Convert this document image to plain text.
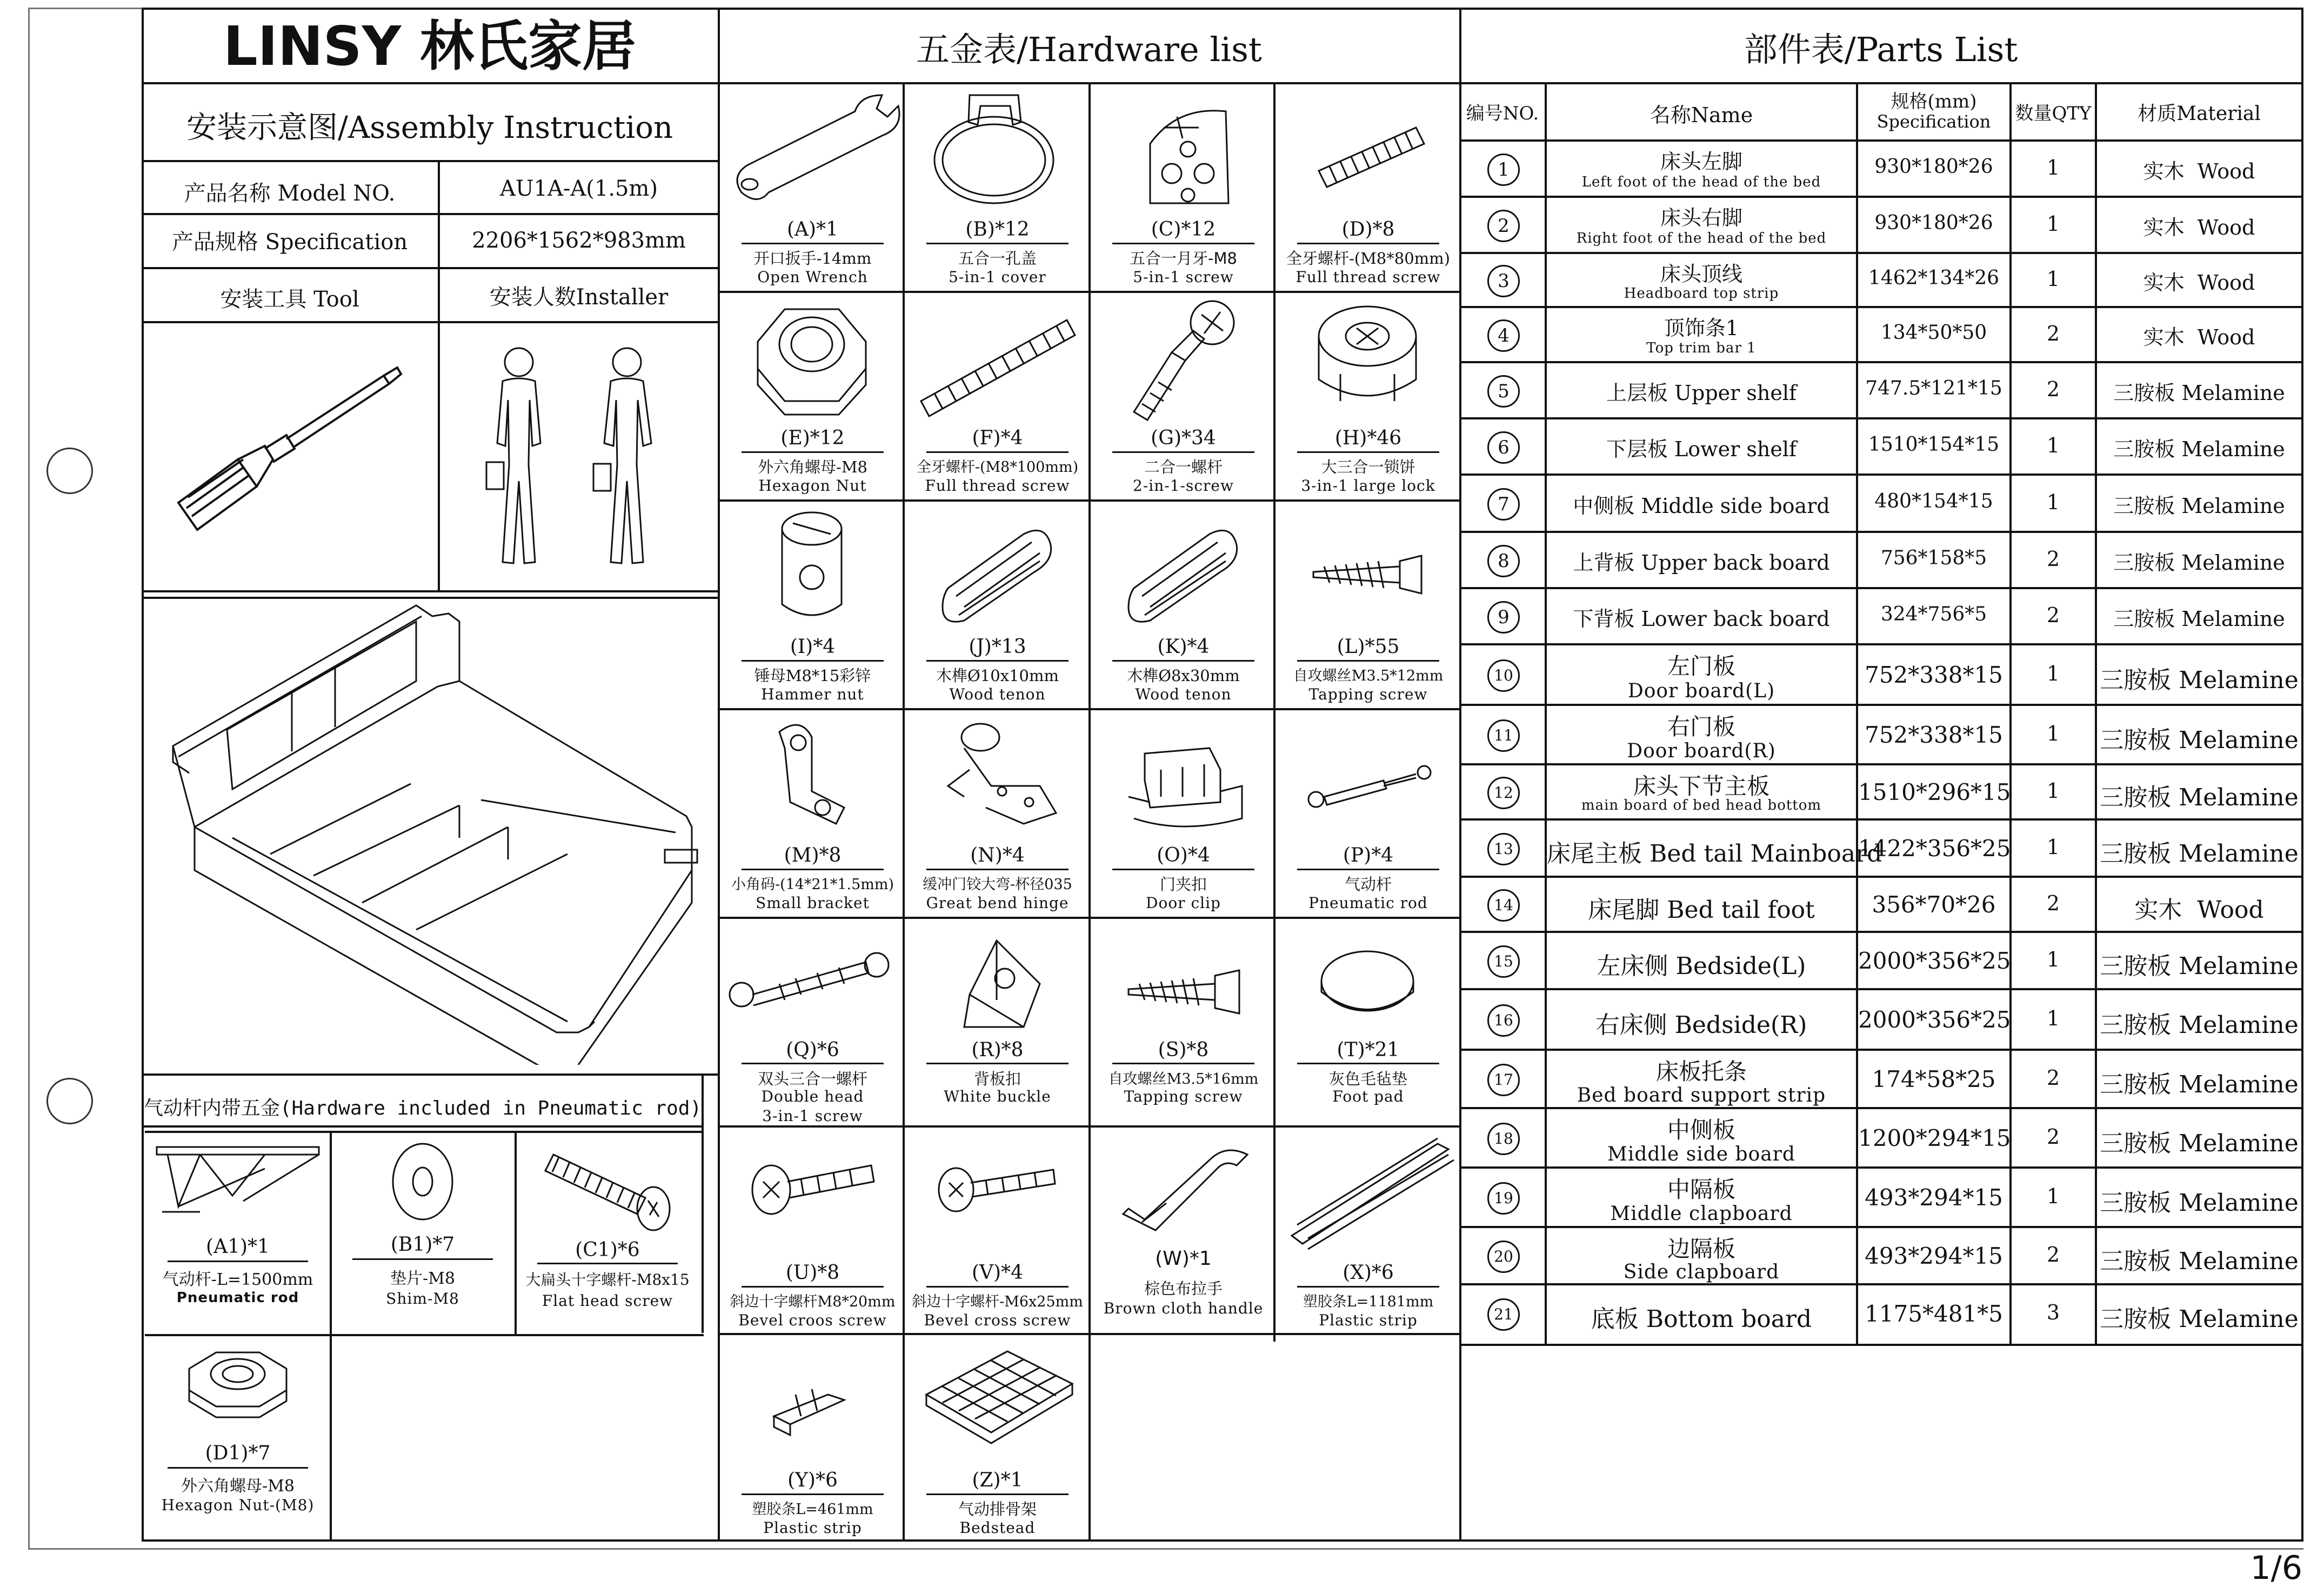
LINSY 林氏家居	五金表/Hardware list	部件表/Parts List
安装示意图/Assembly Instruction
产品名称 Model NO.	AU1A-A(1.5m)
产品规格 Specification	2206*1562*983mm
安装工具 Tool	安装人数Installer
气动杆内带五金(Hardware included in Pneumatic rod)
(A1)*1
气动杆-L=1500mm
Pneumatic rod
(B1)*7
垫片-M8
Shim-M8
(C1)*6
大扁头十字螺杆-M8x15
Flat head screw
(D1)*7
外六角螺母-M8
Hexagon Nut-(M8)
(A)*1
开口扳手-14mm
Open Wrench
(B)*12
五合一孔盖
5-in-1 cover
(C)*12
五合一月牙-M8
5-in-1 screw
(D)*8
全牙螺杆-(M8*80mm)
Full thread screw
(E)*12
外六角螺母-M8
Hexagon Nut
(F)*4
全牙螺杆-(M8*100mm)
Full thread screw
(G)*34
二合一螺杆
2-in-1-screw
(H)*46
大三合一锁饼
3-in-1 large lock
(I)*4
锤母M8*15彩锌
Hammer nut
(J)*13
木榫Ø10x10mm
Wood tenon
(K)*4
木榫Ø8x30mm
Wood tenon
(L)*55
自攻螺丝M3.5*12mm
Tapping screw
(M)*8
小角码-(14*21*1.5mm)
Small bracket
(N)*4
缓冲门铰大弯-杯径035
Great bend hinge
(O)*4
门夹扣
Door clip
(P)*4
气动杆
Pneumatic rod
(Q)*6
双头三合一螺杆
Double head
3-in-1 screw
(R)*8
背板扣
White buckle
(S)*8
自攻螺丝M3.5*16mm
Tapping screw
(T)*21
灰色毛毡垫
Foot pad
(U)*8
斜边十字螺杆M8*20mm
Bevel croos screw
(V)*4
斜边十字螺杆-M6x25mm
Bevel cross screw
(W)*1
棕色布拉手
Brown cloth handle
(X)*6
塑胶条L=1181mm
Plastic strip
(Y)*6
塑胶条L=461mm
Plastic strip
(Z)*1
气动排骨架
Bedstead
编号NO.	名称Name
规格(mm)
Specification	数量QTY	材质Material
1	床头左脚
Left foot of the head of the bed
930*180*26	1	实木  Wood
2	床头右脚
Right foot of the head of the bed
930*180*26	1	实木  Wood
3	床头顶线
Headboard top strip
1462*134*26	1	实木  Wood
4	顶饰条1
Top trim bar 1
134*50*50	2	实木  Wood
5	上层板 Upper shelf	747.5*121*15	2	三胺板 Melamine
6	下层板 Lower shelf	1510*154*15	1	三胺板 Melamine
7	中侧板 Middle side board	480*154*15	1	三胺板 Melamine
8	上背板 Upper back board	756*158*5	2	三胺板 Melamine
9	下背板 Lower back board	324*756*5	2	三胺板 Melamine
10	左门板
Door board(L)
752*338*15	1	三胺板 Melamine
11	右门板
Door board(R)
752*338*15	1	三胺板 Melamine
12	床头下节主板
main board of bed head bottom	1510*296*15	1	三胺板 Melamine
13 床尾主板 Bed tail Mainboard
1422*356*25	1	三胺板 Melamine
14	床尾脚 Bed tail foot	356*70*26	2	实木  Wood
15	左床侧 Bedside(L)	2000*356*25	1	三胺板 Melamine
16	右床侧 Bedside(R)	2000*356*25	1	三胺板 Melamine
17	床板托条
Bed board support strip
174*58*25	2	三胺板 Melamine
18	中侧板
Middle side board
1200*294*15	2	三胺板 Melamine
19	中隔板
Middle clapboard
493*294*15	1	三胺板 Melamine
20	边隔板
Side clapboard
493*294*15	2	三胺板 Melamine
21	底板 Bottom board	1175*481*5	3	三胺板 Melamine
1/6
